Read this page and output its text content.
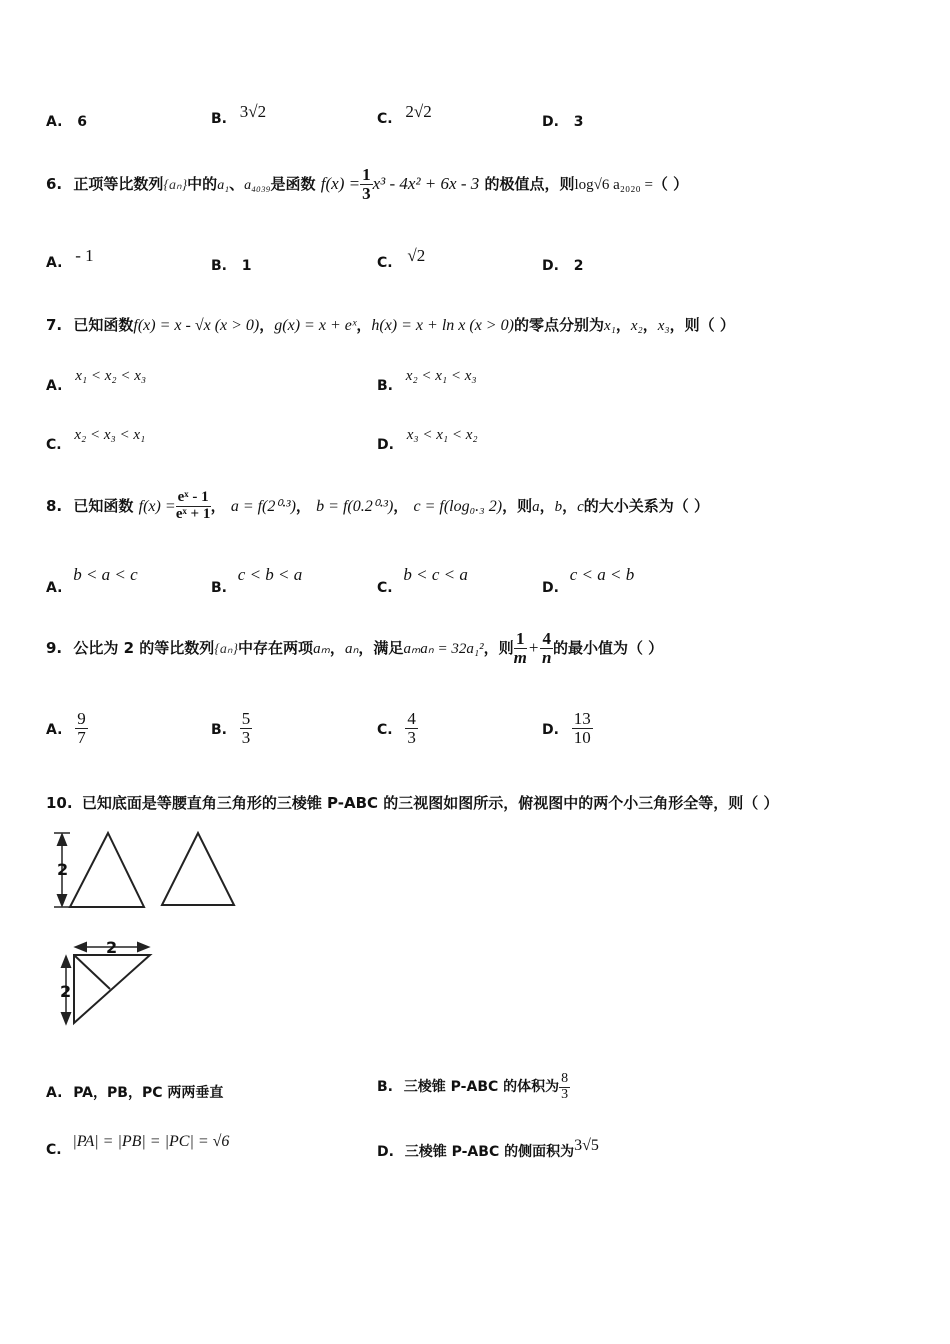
A. 6	B. 3√2	C. 2√2
D. 3
6. 正项等比数列{aₙ}中的a₁、a₄₀₃₉是函数 $f(x) = \frac{1}{3} x^3 - 4x^2 + 6x - 3$ 的极值点，则log√6 a₂₀₂₀ =（ ）
A. - 1
B. 1	C. √2
D. 2
7. 已知函数f(x) = x - √x (x > 0)，g(x) = x + eˣ，h(x) = x + ln x (x > 0)的零点分别为x₁，x₂，x₃，则（ ）
A. x₁ < x₂ < x₃
B. x₂ < x₁ < x₃
C. x₂ < x₃ < x₁
D. x₃ < x₁ < x₂
8. 已知函数 $f(x) = \frac{\text{eˣ - 1}}{\text{eˣ + 1}}$ ， a = f(2⁰·³)， b = f(0.2⁰·³)， c = f(log₀.₃ 2)，则a，b，c的大小关系为（ ）
A. b < a < c
B. c < b < a
C. b < c < a
D. c < a < b
9. 公比为 2 的等比数列{aₙ}中存在两项aₘ，aₙ，满足aₘaₙ = 32a₁²，则 $\frac{1}{m} + \frac{4}{n}$ 的最小值为（ ）
A. $\frac{9}{7}$	B. $\frac{5}{3}$	C. $\frac{4}{3}$	D. $\frac{13}{10}$
10. 已知底面是等腰直角三角形的三棱锥 P-ABC 的三视图如图所示，俯视图中的两个小三角形全等，则（ ）
2
2
2
A. PA，PB，PC 两两垂直	B. 三棱锥 P-ABC 的体积为 $\frac{8}{3}$
C. |PA| = |PB| = |PC| = √6
D. 三棱锥 P-ABC 的侧面积为3√5
